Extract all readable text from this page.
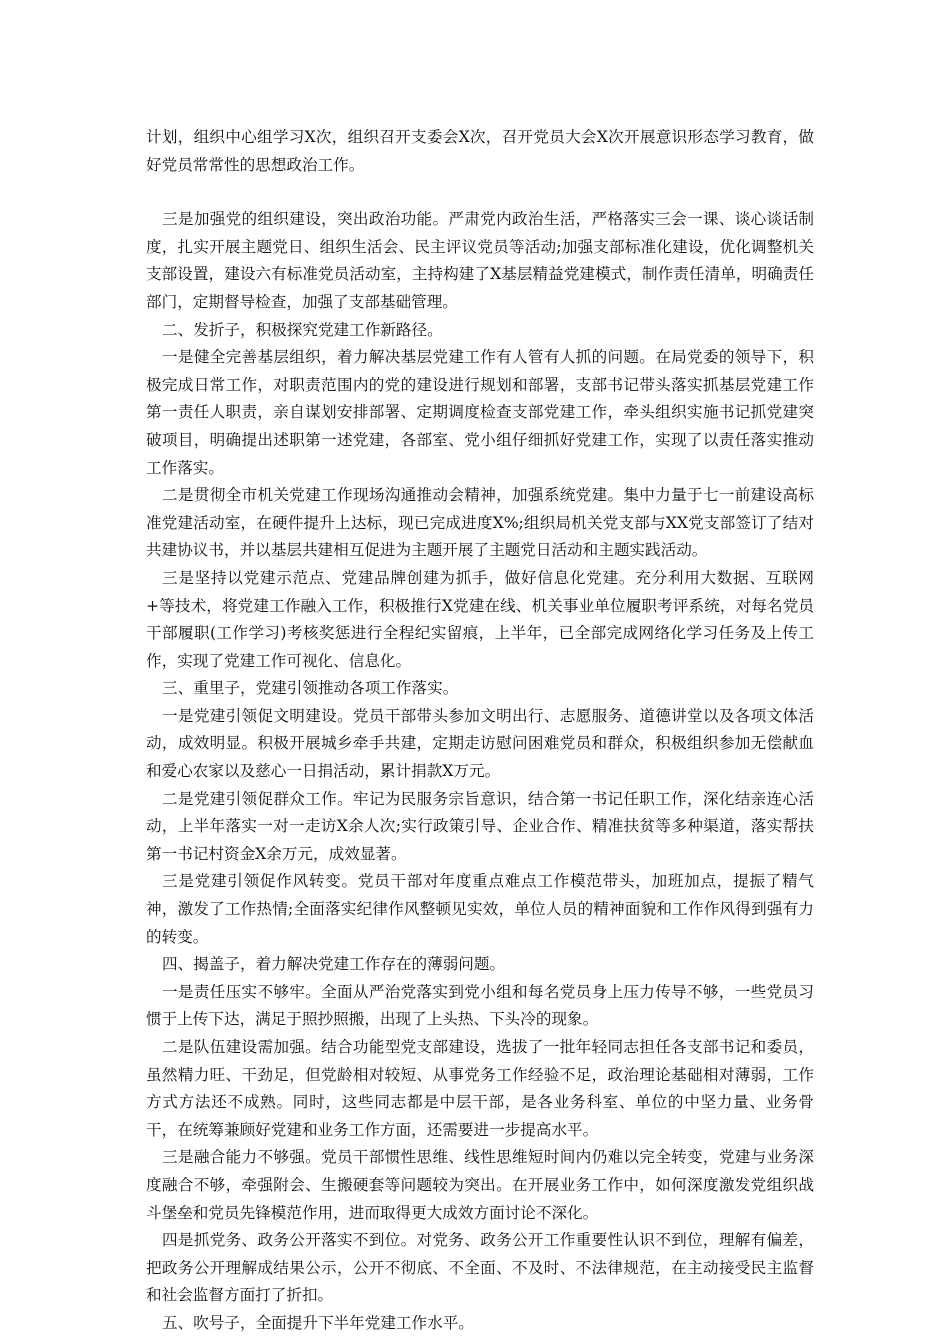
计划，组织中心组学习X次，组织召开支委会X次，召开党员大会X次开展意识形态学习教育，做好党员常常性的思想政治工作。

三是加强党的组织建设，突出政治功能。严肃党内政治生活，严格落实三会一课、谈心谈话制度，扎实开展主题党日、组织生活会、民主评议党员等活动;加强支部标准化建设，优化调整机关支部设置，建设六有标准党员活动室，主持构建了X基层精益党建模式，制作责任清单，明确责任部门，定期督导检查，加强了支部基础管理。

二、发折子，积极探究党建工作新路径。

一是健全完善基层组织，着力解决基层党建工作有人管有人抓的问题。在局党委的领导下，积极完成日常工作，对职责范围内的党的建设进行规划和部署，支部书记带头落实抓基层党建工作第一责任人职责，亲自谋划安排部署、定期调度检查支部党建工作，牵头组织实施书记抓党建突破项目，明确提出述职第一述党建，各部室、党小组仔细抓好党建工作，实现了以责任落实推动工作落实。

二是贯彻全市机关党建工作现场沟通推动会精神，加强系统党建。集中力量于七一前建设高标准党建活动室，在硬件提升上达标，现已完成进度X%;组织局机关党支部与XX党支部签订了结对共建协议书，并以基层共建相互促进为主题开展了主题党日活动和主题实践活动。

三是坚持以党建示范点、党建品牌创建为抓手，做好信息化党建。充分利用大数据、互联网+等技术，将党建工作融入工作，积极推行X党建在线、机关事业单位履职考评系统，对每名党员干部履职(工作学习)考核奖惩进行全程纪实留痕，上半年，已全部完成网络化学习任务及上传工作，实现了党建工作可视化、信息化。

三、重里子，党建引领推动各项工作落实。

一是党建引领促文明建设。党员干部带头参加文明出行、志愿服务、道德讲堂以及各项文体活动，成效明显。积极开展城乡牵手共建，定期走访慰问困难党员和群众，积极组织参加无偿献血和爱心农家以及慈心一日捐活动，累计捐款X万元。

二是党建引领促群众工作。牢记为民服务宗旨意识，结合第一书记任职工作，深化结亲连心活动，上半年落实一对一走访X余人次;实行政策引导、企业合作、精准扶贫等多种渠道，落实帮扶第一书记村资金X余万元，成效显著。

三是党建引领促作风转变。党员干部对年度重点难点工作模范带头，加班加点，提振了精气神，激发了工作热情;全面落实纪律作风整顿见实效，单位人员的精神面貌和工作作风得到强有力的转变。

四、揭盖子，着力解决党建工作存在的薄弱问题。

一是责任压实不够牢。全面从严治党落实到党小组和每名党员身上压力传导不够，一些党员习惯于上传下达，满足于照抄照搬，出现了上头热、下头冷的现象。

二是队伍建设需加强。结合功能型党支部建设，选拔了一批年轻同志担任各支部书记和委员，虽然精力旺、干劲足，但党龄相对较短、从事党务工作经验不足，政治理论基础相对薄弱，工作方式方法还不成熟。同时，这些同志都是中层干部，是各业务科室、单位的中坚力量、业务骨干，在统筹兼顾好党建和业务工作方面，还需要进一步提高水平。

三是融合能力不够强。党员干部惯性思维、线性思维短时间内仍难以完全转变，党建与业务深度融合不够，牵强附会、生搬硬套等问题较为突出。在开展业务工作中，如何深度激发党组织战斗堡垒和党员先锋模范作用，进而取得更大成效方面讨论不深化。

四是抓党务、政务公开落实不到位。对党务、政务公开工作重要性认识不到位，理解有偏差，把政务公开理解成结果公示，公开不彻底、不全面、不及时、不法律规范，在主动接受民主监督和社会监督方面打了折扣。

五、吹号子，全面提升下半年党建工作水平。
